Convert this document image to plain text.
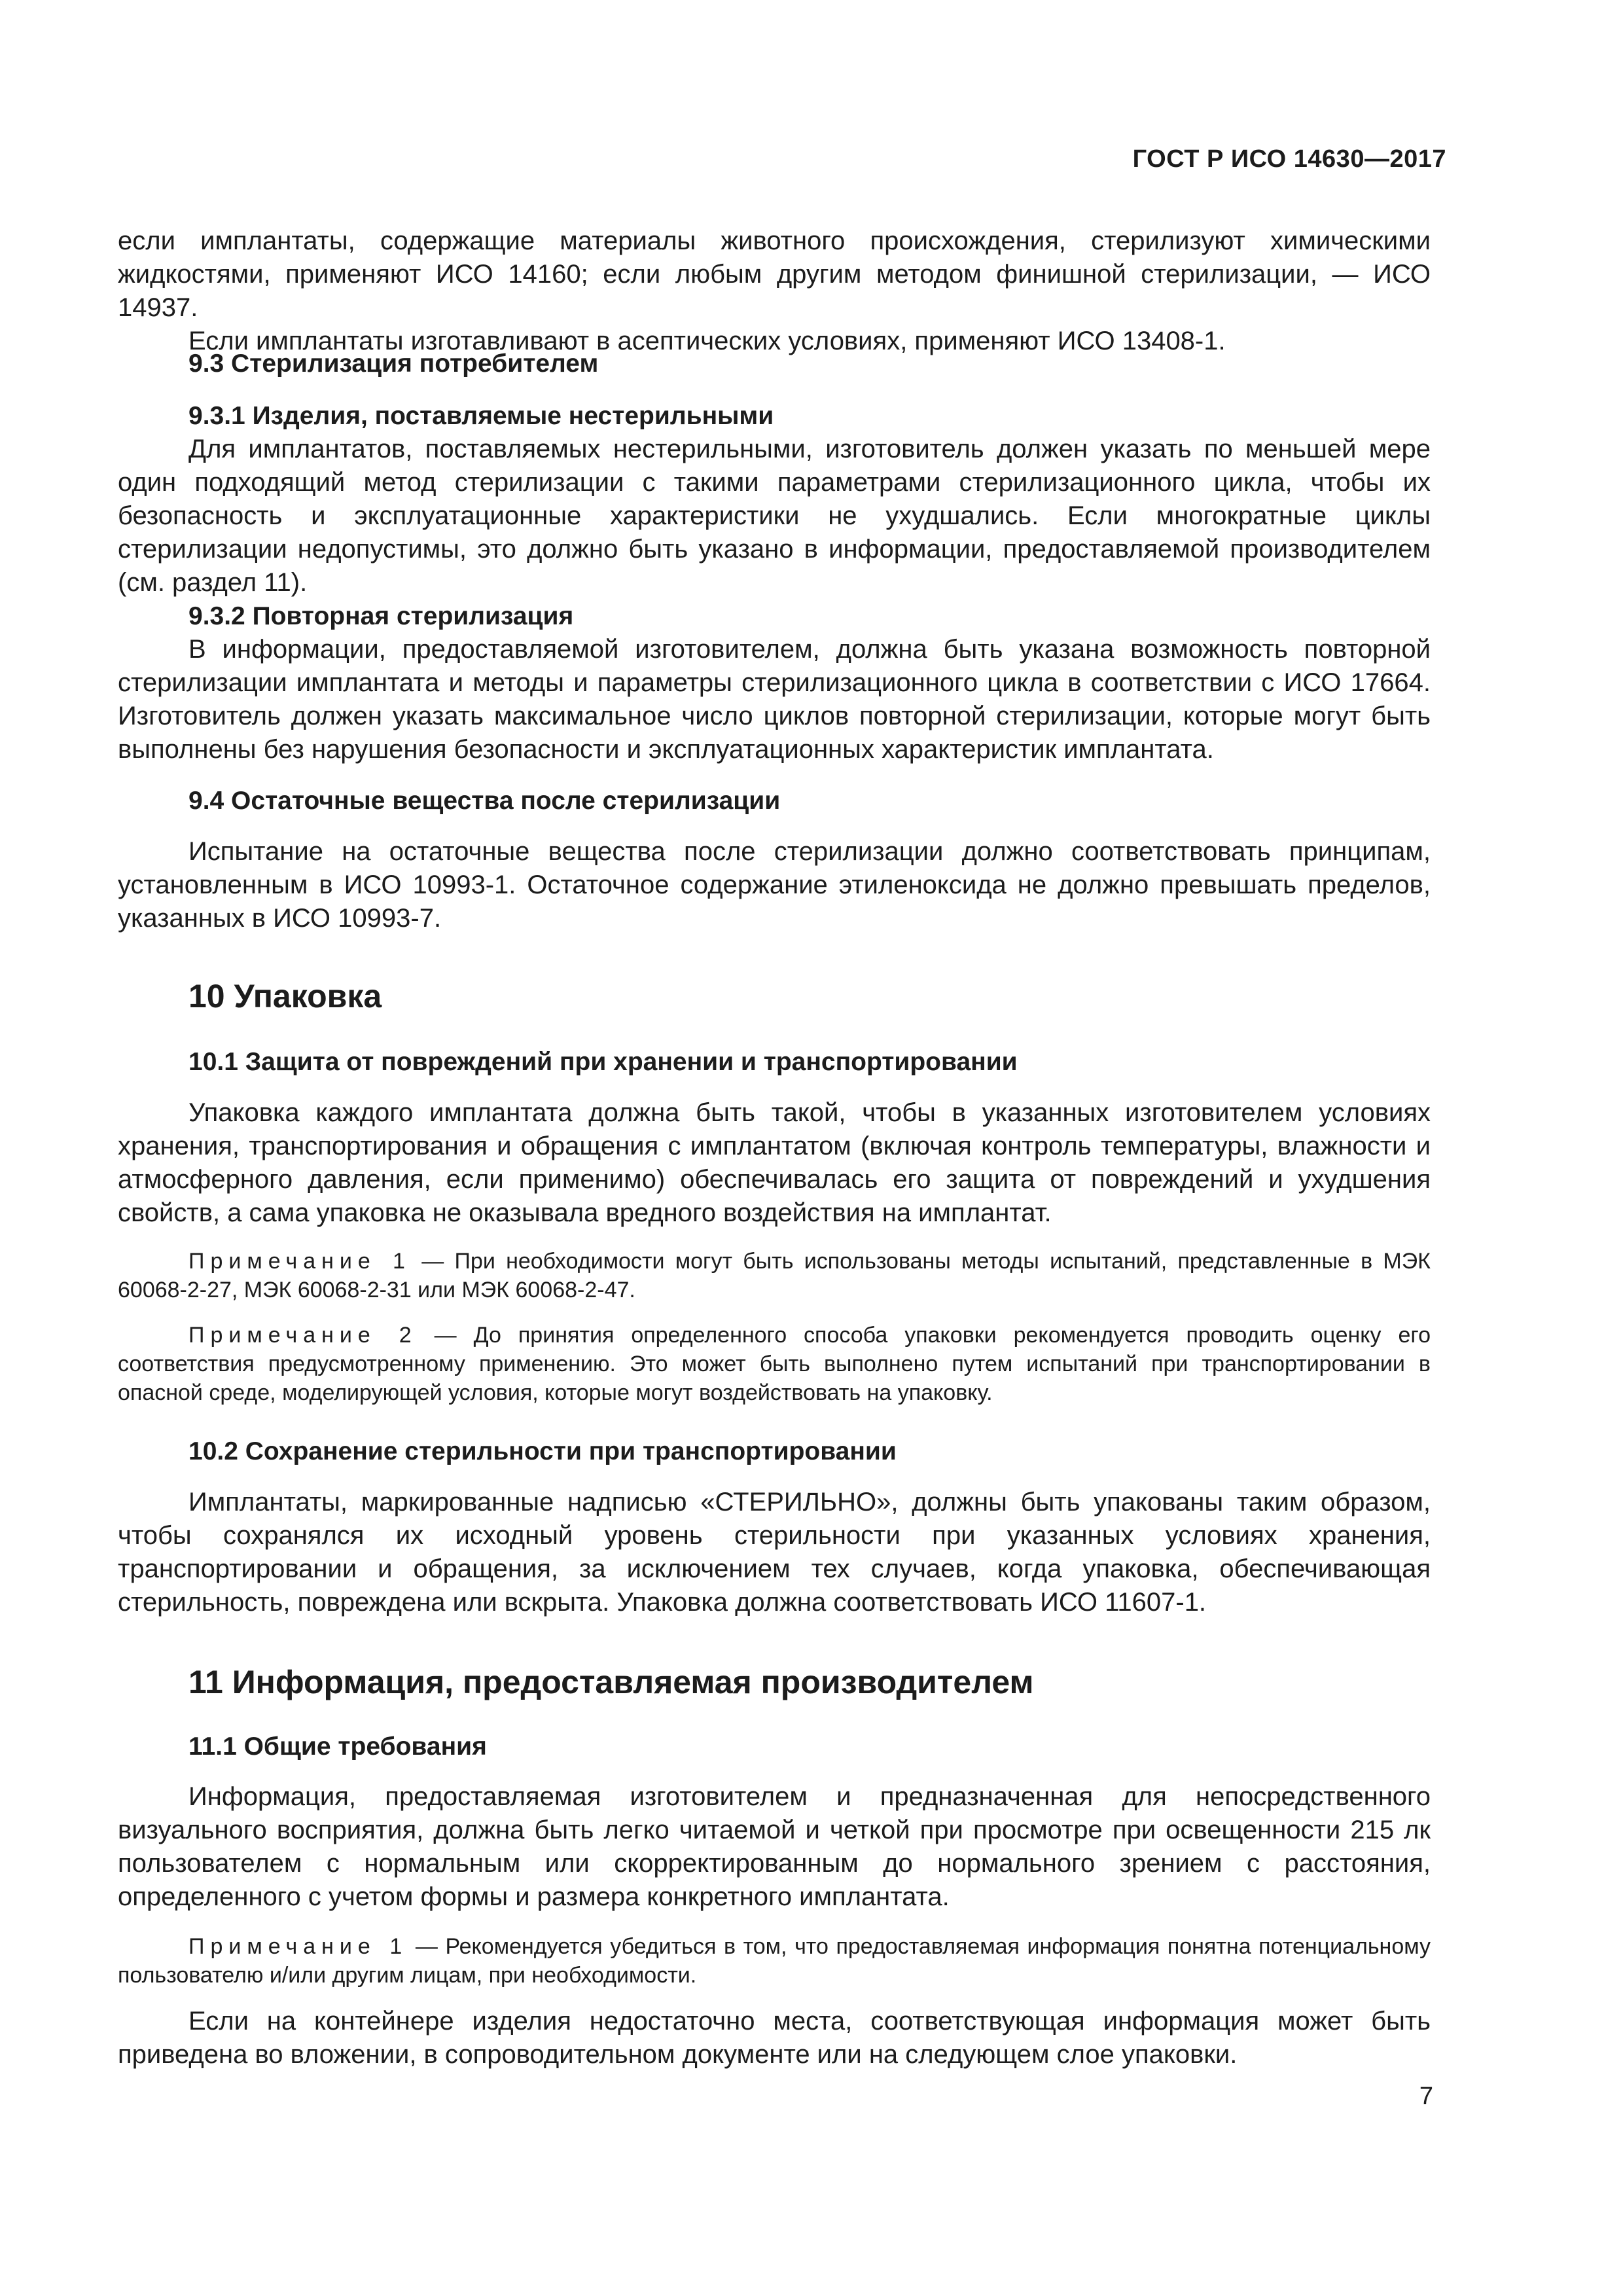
ГОСТ Р ИСО 14630—2017

если имплантаты, содержащие материалы животного происхождения, стерилизуют химическими жидкостями, применяют ИСО 14160; если любым другим методом финишной стерилизации, — ИСО 14937.

Если имплантаты изготавливают в асептических условиях, применяют ИСО 13408-1.

9.3 Стерилизация потребителем

9.3.1 Изделия, поставляемые нестерильными

Для имплантатов, поставляемых нестерильными, изготовитель должен указать по меньшей мере один подходящий метод стерилизации с такими параметрами стерилизационного цикла, чтобы их безопасность и эксплуатационные характеристики не ухудшались. Если многократные циклы стерилизации недопустимы, это должно быть указано в информации, предоставляемой производителем (см. раздел 11).

9.3.2 Повторная стерилизация

В информации, предоставляемой изготовителем, должна быть указана возможность повторной стерилизации имплантата и методы и параметры стерилизационного цикла в соответствии с ИСО 17664. Изготовитель должен указать максимальное число циклов повторной стерилизации, которые могут быть выполнены без нарушения безопасности и эксплуатационных характеристик имплантата.

9.4 Остаточные вещества после стерилизации

Испытание на остаточные вещества после стерилизации должно соответствовать принципам, установленным в ИСО 10993-1. Остаточное содержание этиленоксида не должно превышать пределов, указанных в ИСО 10993-7.

10 Упаковка

10.1 Защита от повреждений при хранении и транспортировании

Упаковка каждого имплантата должна быть такой, чтобы в указанных изготовителем условиях хранения, транспортирования и обращения с имплантатом (включая контроль температуры, влажности и атмосферного давления, если применимо) обеспечивалась его защита от повреждений и ухудшения свойств, а сама упаковка не оказывала вредного воздействия на имплантат.

Примечание 1 — При необходимости могут быть использованы методы испытаний, представленные в МЭК 60068-2-27, МЭК 60068-2-31 или МЭК 60068-2-47.

Примечание 2 — До принятия определенного способа упаковки рекомендуется проводить оценку его соответствия предусмотренному применению. Это может быть выполнено путем испытаний при транспортировании в опасной среде, моделирующей условия, которые могут воздействовать на упаковку.

10.2 Сохранение стерильности при транспортировании

Имплантаты, маркированные надписью «СТЕРИЛЬНО», должны быть упакованы таким образом, чтобы сохранялся их исходный уровень стерильности при указанных условиях хранения, транспортировании и обращения, за исключением тех случаев, когда упаковка, обеспечивающая стерильность, повреждена или вскрыта. Упаковка должна соответствовать ИСО 11607-1.

11 Информация, предоставляемая производителем

11.1 Общие требования

Информация, предоставляемая изготовителем и предназначенная для непосредственного визуального восприятия, должна быть легко читаемой и четкой при просмотре при освещенности 215 лк пользователем с нормальным или скорректированным до нормального зрением с расстояния, определенного с учетом формы и размера конкретного имплантата.

Примечание 1 — Рекомендуется убедиться в том, что предоставляемая информация понятна потенциальному пользователю и/или другим лицам, при необходимости.

Если на контейнере изделия недостаточно места, соответствующая информация может быть приведена во вложении, в сопроводительном документе или на следующем слое упаковки.

7
